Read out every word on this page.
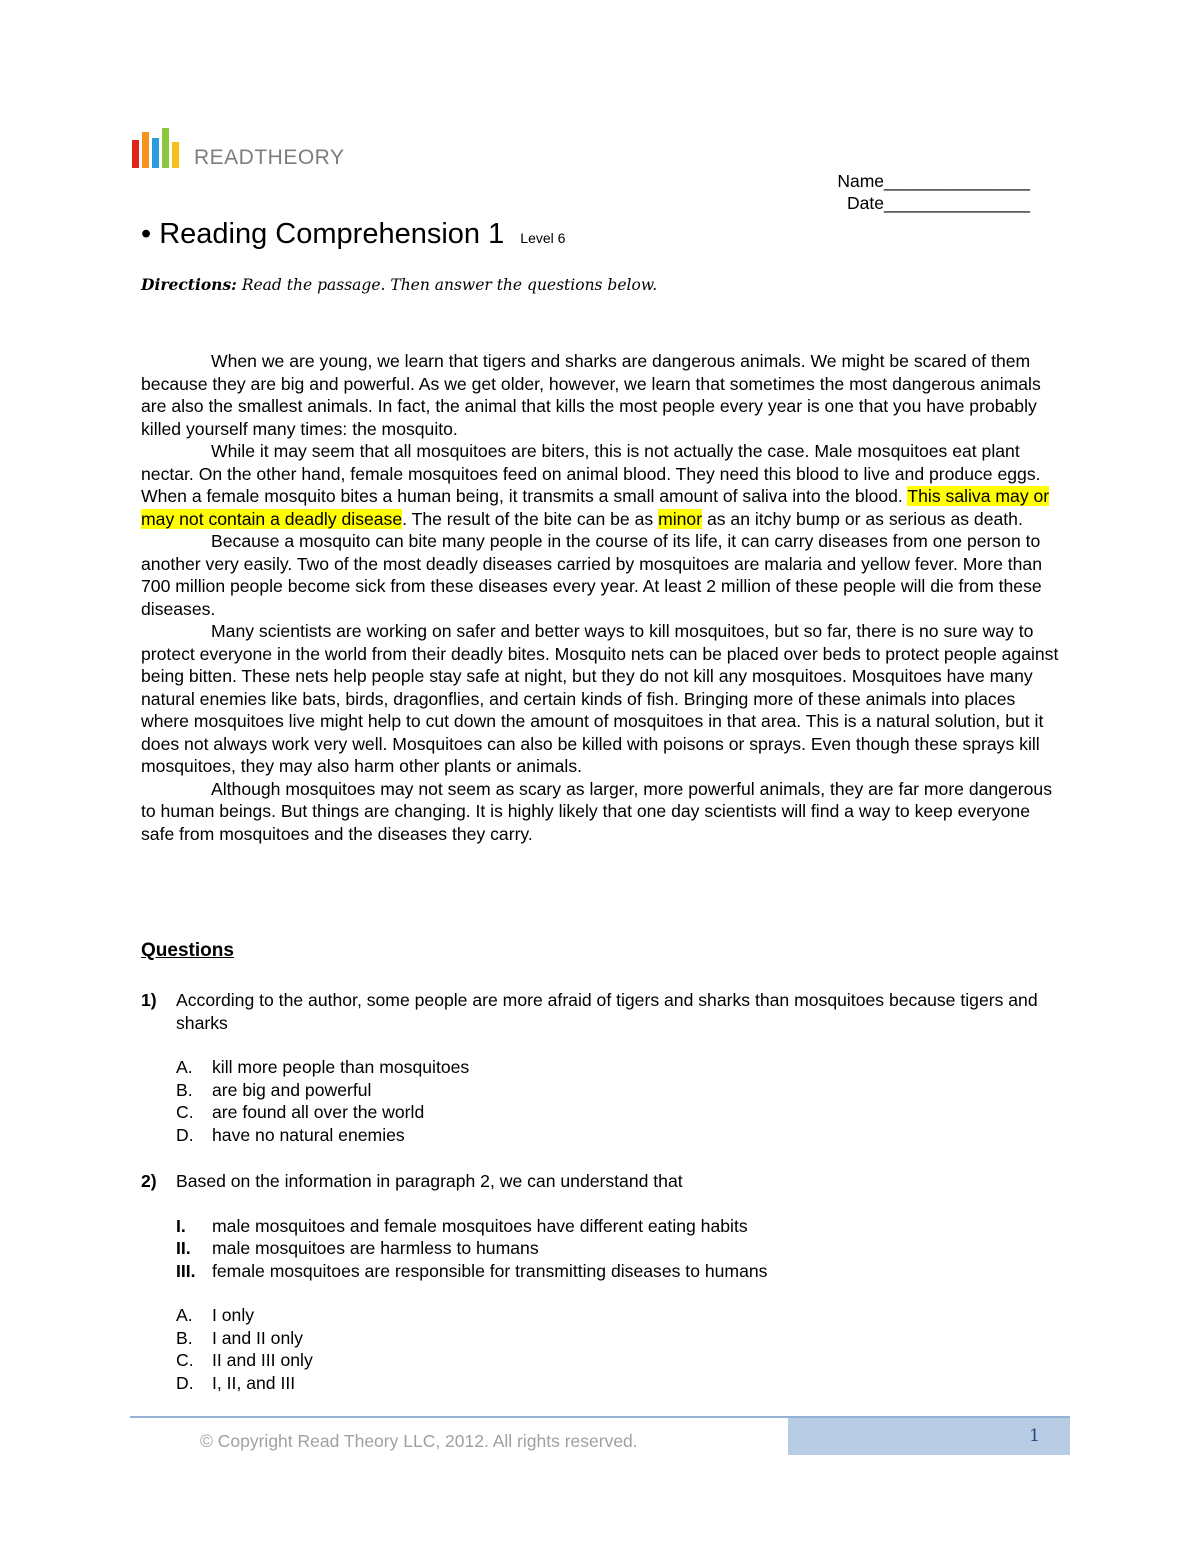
READTHEORY
Name_______________
Date_______________
• Reading Comprehension 1 Level 6
Directions: Read the passage. Then answer the questions below.

When we are young, we learn that tigers and sharks are dangerous animals. We might be scared of them because they are big and powerful. As we get older, however, we learn that sometimes the most dangerous animals are also the smallest animals. In fact, the animal that kills the most people every year is one that you have probably killed yourself many times: the mosquito.

While it may seem that all mosquitoes are biters, this is not actually the case. Male mosquitoes eat plant nectar. On the other hand, female mosquitoes feed on animal blood. They need this blood to live and produce eggs. When a female mosquito bites a human being, it transmits a small amount of saliva into the blood. This saliva may or may not contain a deadly disease. The result of the bite can be as minor as an itchy bump or as serious as death.

Because a mosquito can bite many people in the course of its life, it can carry diseases from one person to another very easily. Two of the most deadly diseases carried by mosquitoes are malaria and yellow fever. More than 700 million people become sick from these diseases every year. At least 2 million of these people will die from these diseases.

Many scientists are working on safer and better ways to kill mosquitoes, but so far, there is no sure way to protect everyone in the world from their deadly bites. Mosquito nets can be placed over beds to protect people against being bitten. These nets help people stay safe at night, but they do not kill any mosquitoes. Mosquitoes have many natural enemies like bats, birds, dragonflies, and certain kinds of fish. Bringing more of these animals into places where mosquitoes live might help to cut down the amount of mosquitoes in that area. This is a natural solution, but it does not always work very well. Mosquitoes can also be killed with poisons or sprays. Even though these sprays kill mosquitoes, they may also harm other plants or animals.

Although mosquitoes may not seem as scary as larger, more powerful animals, they are far more dangerous to human beings. But things are changing. It is highly likely that one day scientists will find a way to keep everyone safe from mosquitoes and the diseases they carry.

Questions
1)	According to the author, some people are more afraid of tigers and sharks than mosquitoes because tigers and sharks
A.	kill more people than mosquitoes
B.	are big and powerful
C.	are found all over the world
D.	have no natural enemies
2)	Based on the information in paragraph 2, we can understand that
I.	male mosquitoes and female mosquitoes have different eating habits
II.	male mosquitoes are harmless to humans
III. female mosquitoes are responsible for transmitting diseases to humans
A.	I only
B.	I and II only
C.	II and III only
D.	I, II, and III
© Copyright Read Theory LLC, 2012. All rights reserved.	1
